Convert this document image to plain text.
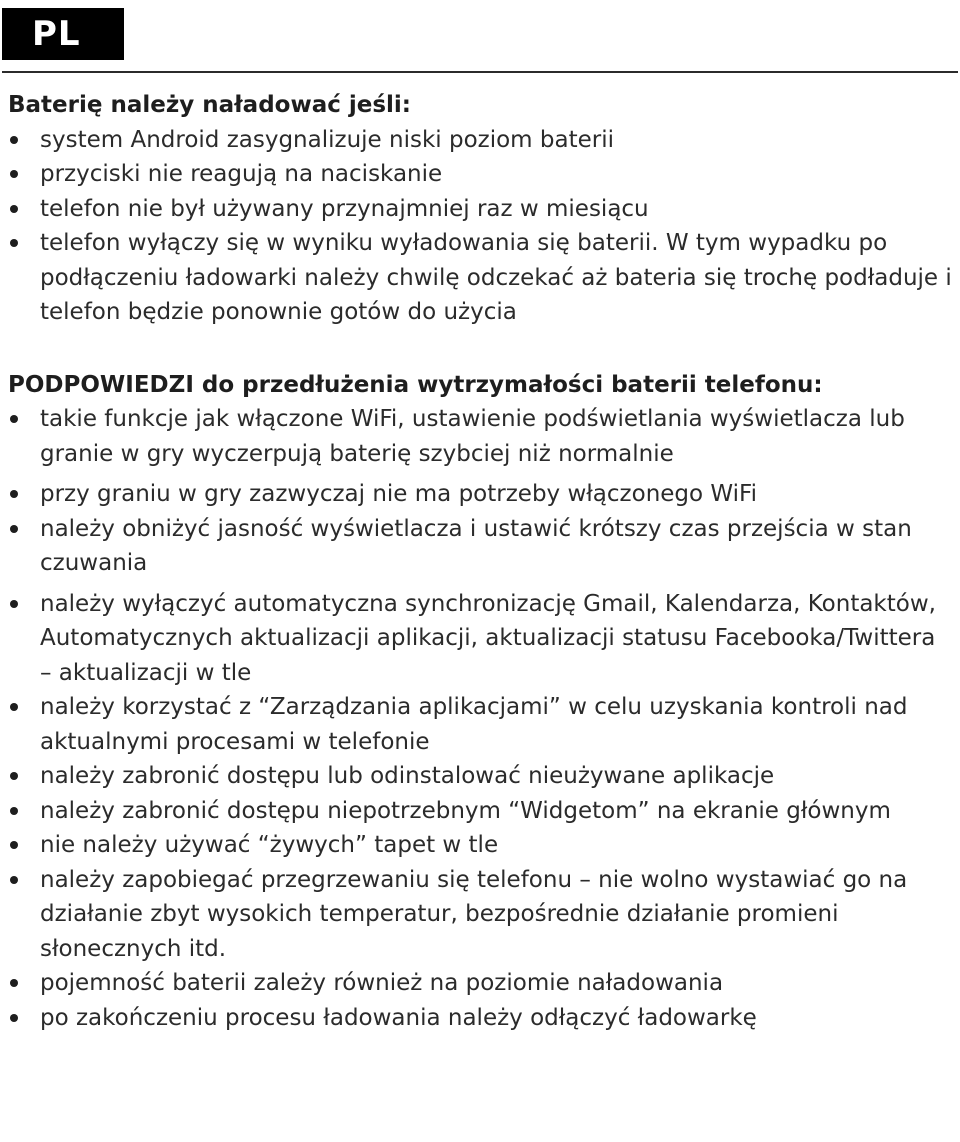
PL
Baterię należy naładować jeśli:
system Android zasygnalizuje niski poziom baterii
przyciski nie reagują na naciskanie
telefon nie był używany przynajmniej raz w miesiącu
telefon wyłączy się w wyniku wyładowania się baterii. W tym wypadku po podłączeniu ładowarki należy chwilę odczekać aż bateria się trochę podładuje i telefon będzie ponownie gotów do użycia
PODPOWIEDZI do przedłużenia wytrzymałości baterii telefonu:
takie funkcje jak włączone WiFi, ustawienie podświetlania wyświetlacza lub granie w gry wyczerpują baterię szybciej niż normalnie
przy graniu w gry zazwyczaj nie ma potrzeby włączonego WiFi
należy obniżyć jasność wyświetlacza i ustawić krótszy czas przejścia w stan czuwania
należy wyłączyć automatyczna synchronizację Gmail, Kalendarza, Kontaktów, Automatycznych aktualizacji aplikacji, aktualizacji statusu Facebooka/Twittera – aktualizacji w tle
należy korzystać z “Zarządzania aplikacjami” w celu uzyskania kontroli nad aktualnymi procesami w telefonie
należy zabronić dostępu lub odinstalować nieużywane aplikacje
należy zabronić dostępu niepotrzebnym “Widgetom” na ekranie głównym
nie należy używać “żywych” tapet w tle
należy zapobiegać przegrzewaniu się telefonu – nie wolno wystawiać go na działanie zbyt wysokich temperatur, bezpośrednie działanie promieni słonecznych itd.
pojemność baterii zależy również na poziomie naładowania
po zakończeniu procesu ładowania należy odłączyć ładowarkę
